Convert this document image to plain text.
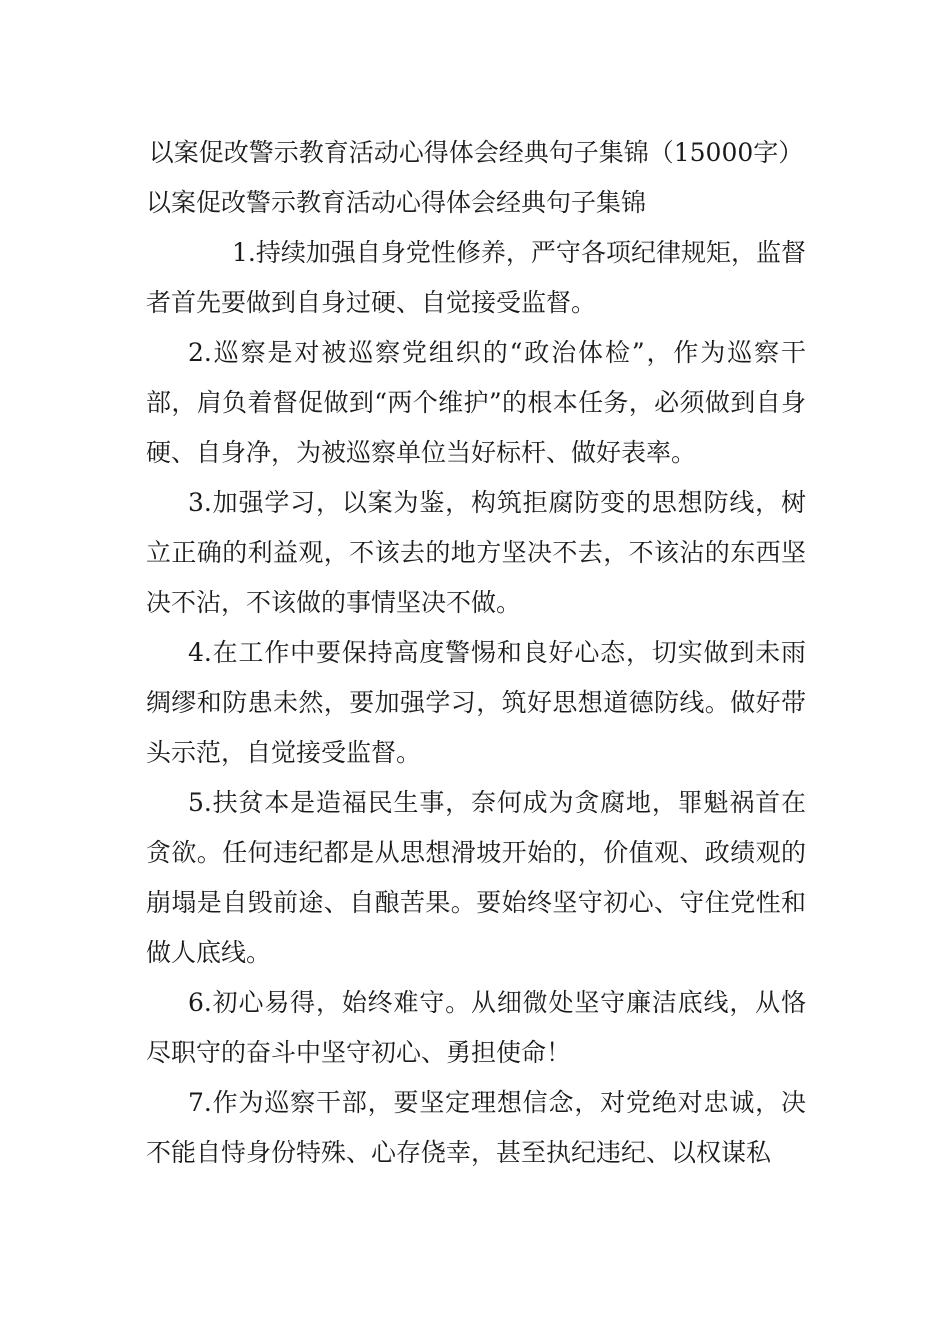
以案促改警示教育活动心得体会经典句子集锦（15000字）

以案促改警示教育活动心得体会经典句子集锦

1.持续加强自身党性修养，严守各项纪律规矩，监督者首先要做到自身过硬、自觉接受监督。

2.巡察是对被巡察党组织的“政治体检”，作为巡察干部，肩负着督促做到“两个维护”的根本任务，必须做到自身硬、自身净，为被巡察单位当好标杆、做好表率。

3.加强学习，以案为鉴，构筑拒腐防变的思想防线，树立正确的利益观，不该去的地方坚决不去，不该沾的东西坚决不沾，不该做的事情坚决不做。

4.在工作中要保持高度警惕和良好心态，切实做到未雨绸缪和防患未然，要加强学习，筑好思想道德防线。做好带头示范，自觉接受监督。

5.扶贫本是造福民生事，奈何成为贪腐地，罪魁祸首在贪欲。任何违纪都是从思想滑坡开始的，价值观、政绩观的崩塌是自毁前途、自酿苦果。要始终坚守初心、守住党性和做人底线。

6.初心易得，始终难守。从细微处坚守廉洁底线，从恪尽职守的奋斗中坚守初心、勇担使命！

7.作为巡察干部，要坚定理想信念，对党绝对忠诚，决不能自恃身份特殊、心存侥幸，甚至执纪违纪、以权谋私
